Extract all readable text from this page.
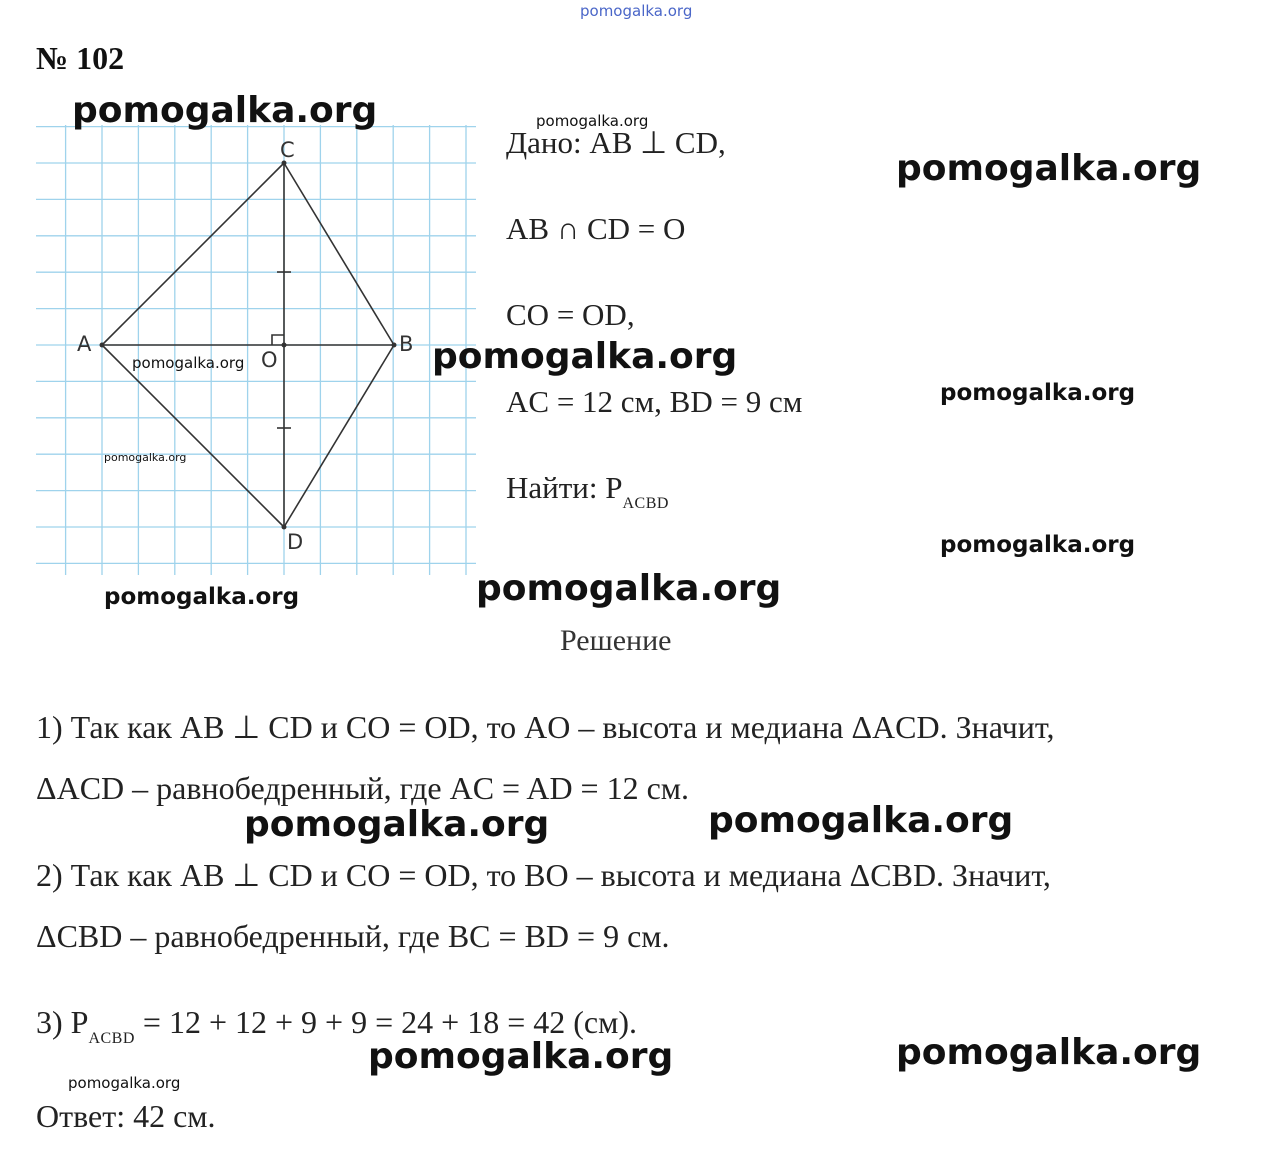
pomogalka.org
№ 102
A	B
C
D
O
Дано: AB ⊥ CD,
AB ∩ CD = O
CO = OD,
AC = 12 см, BD = 9 см
Найти: $P_{ACBD}$
Решение
1) Так как AB ⊥ CD и CO = OD, то AO – высота и медиана ΔACD. Значит,
ΔACD – равнобедренный, где AC = AD = 12 см.
2) Так как AB ⊥ CD и CO = OD, то BO – высота и медиана ΔCBD. Значит,
ΔCBD – равнобедренный, где BC = BD = 9 см.
3) $P_{ACBD} = 12 + 12 + 9 + 9 = 24 + 18 = 42$ (см).
Ответ: 42 см.
pomogalka.org	pomogalka.org
pomogalka.org
pomogalka.org
pomogalka.org
pomogalka.org
pomogalka.org
pomogalka.org
pomogalka.org	pomogalka.org
pomogalka.org	pomogalka.org
pomogalka.org	pomogalka.org
pomogalka.org
